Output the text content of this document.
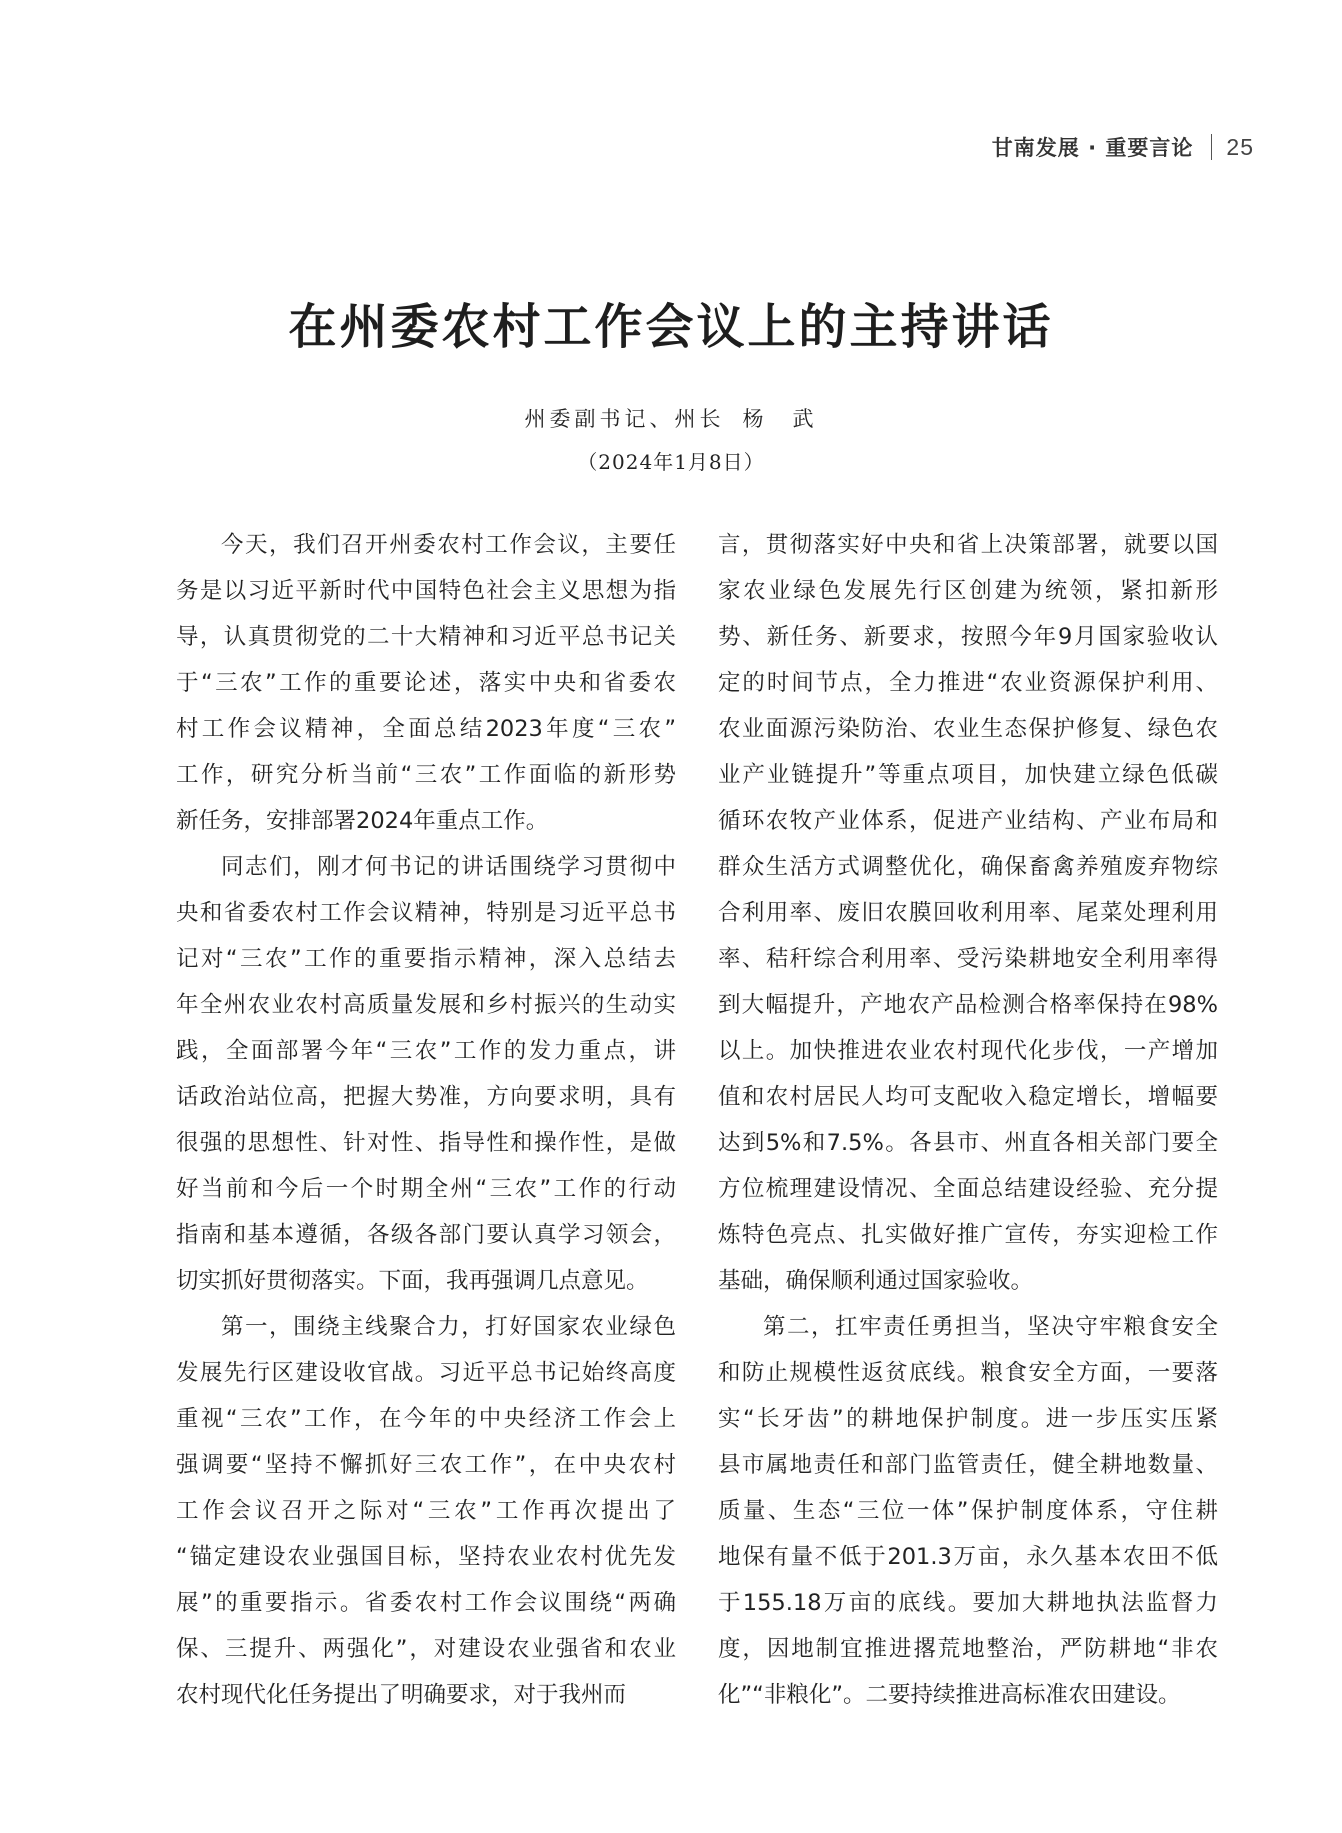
甘南发展 · 重要言论 25
在州委农村工作会议上的主持讲话
州委副书记、州长 杨　武
（2024年1月8日）

今天，我们召开州委农村工作会议，主要任
务是以习近平新时代中国特色社会主义思想为指
导，认真贯彻党的二十大精神和习近平总书记关
于“三农”工作的重要论述，落实中央和省委农
村工作会议精神，全面总结2023年度“三农”
工作，研究分析当前“三农”工作面临的新形势
新任务，安排部署2024年重点工作。

同志们，刚才何书记的讲话围绕学习贯彻中
央和省委农村工作会议精神，特别是习近平总书
记对“三农”工作的重要指示精神，深入总结去
年全州农业农村高质量发展和乡村振兴的生动实
践，全面部署今年“三农”工作的发力重点，讲
话政治站位高，把握大势准，方向要求明，具有
很强的思想性、针对性、指导性和操作性，是做
好当前和今后一个时期全州“三农”工作的行动
指南和基本遵循，各级各部门要认真学习领会，
切实抓好贯彻落实。下面，我再强调几点意见。

第一，围绕主线聚合力，打好国家农业绿色
发展先行区建设收官战。习近平总书记始终高度
重视“三农”工作，在今年的中央经济工作会上
强调要“坚持不懈抓好三农工作”，在中央农村
工作会议召开之际对“三农”工作再次提出了
“锚定建设农业强国目标，坚持农业农村优先发
展”的重要指示。省委农村工作会议围绕“两确
保、三提升、两强化”，对建设农业强省和农业
农村现代化任务提出了明确要求，对于我州而

言，贯彻落实好中央和省上决策部署，就要以国
家农业绿色发展先行区创建为统领，紧扣新形
势、新任务、新要求，按照今年9月国家验收认
定的时间节点，全力推进“农业资源保护利用、
农业面源污染防治、农业生态保护修复、绿色农
业产业链提升”等重点项目，加快建立绿色低碳
循环农牧产业体系，促进产业结构、产业布局和
群众生活方式调整优化，确保畜禽养殖废弃物综
合利用率、废旧农膜回收利用率、尾菜处理利用
率、秸秆综合利用率、受污染耕地安全利用率得
到大幅提升，产地农产品检测合格率保持在98%
以上。加快推进农业农村现代化步伐，一产增加
值和农村居民人均可支配收入稳定增长，增幅要
达到5%和7.5%。各县市、州直各相关部门要全
方位梳理建设情况、全面总结建设经验、充分提
炼特色亮点、扎实做好推广宣传，夯实迎检工作
基础，确保顺利通过国家验收。

第二，扛牢责任勇担当，坚决守牢粮食安全
和防止规模性返贫底线。粮食安全方面，一要落
实“长牙齿”的耕地保护制度。进一步压实压紧
县市属地责任和部门监管责任，健全耕地数量、
质量、生态“三位一体”保护制度体系，守住耕
地保有量不低于201.3万亩，永久基本农田不低
于155.18万亩的底线。要加大耕地执法监督力
度，因地制宜推进撂荒地整治，严防耕地“非农
化”“非粮化”。二要持续推进高标准农田建设。
